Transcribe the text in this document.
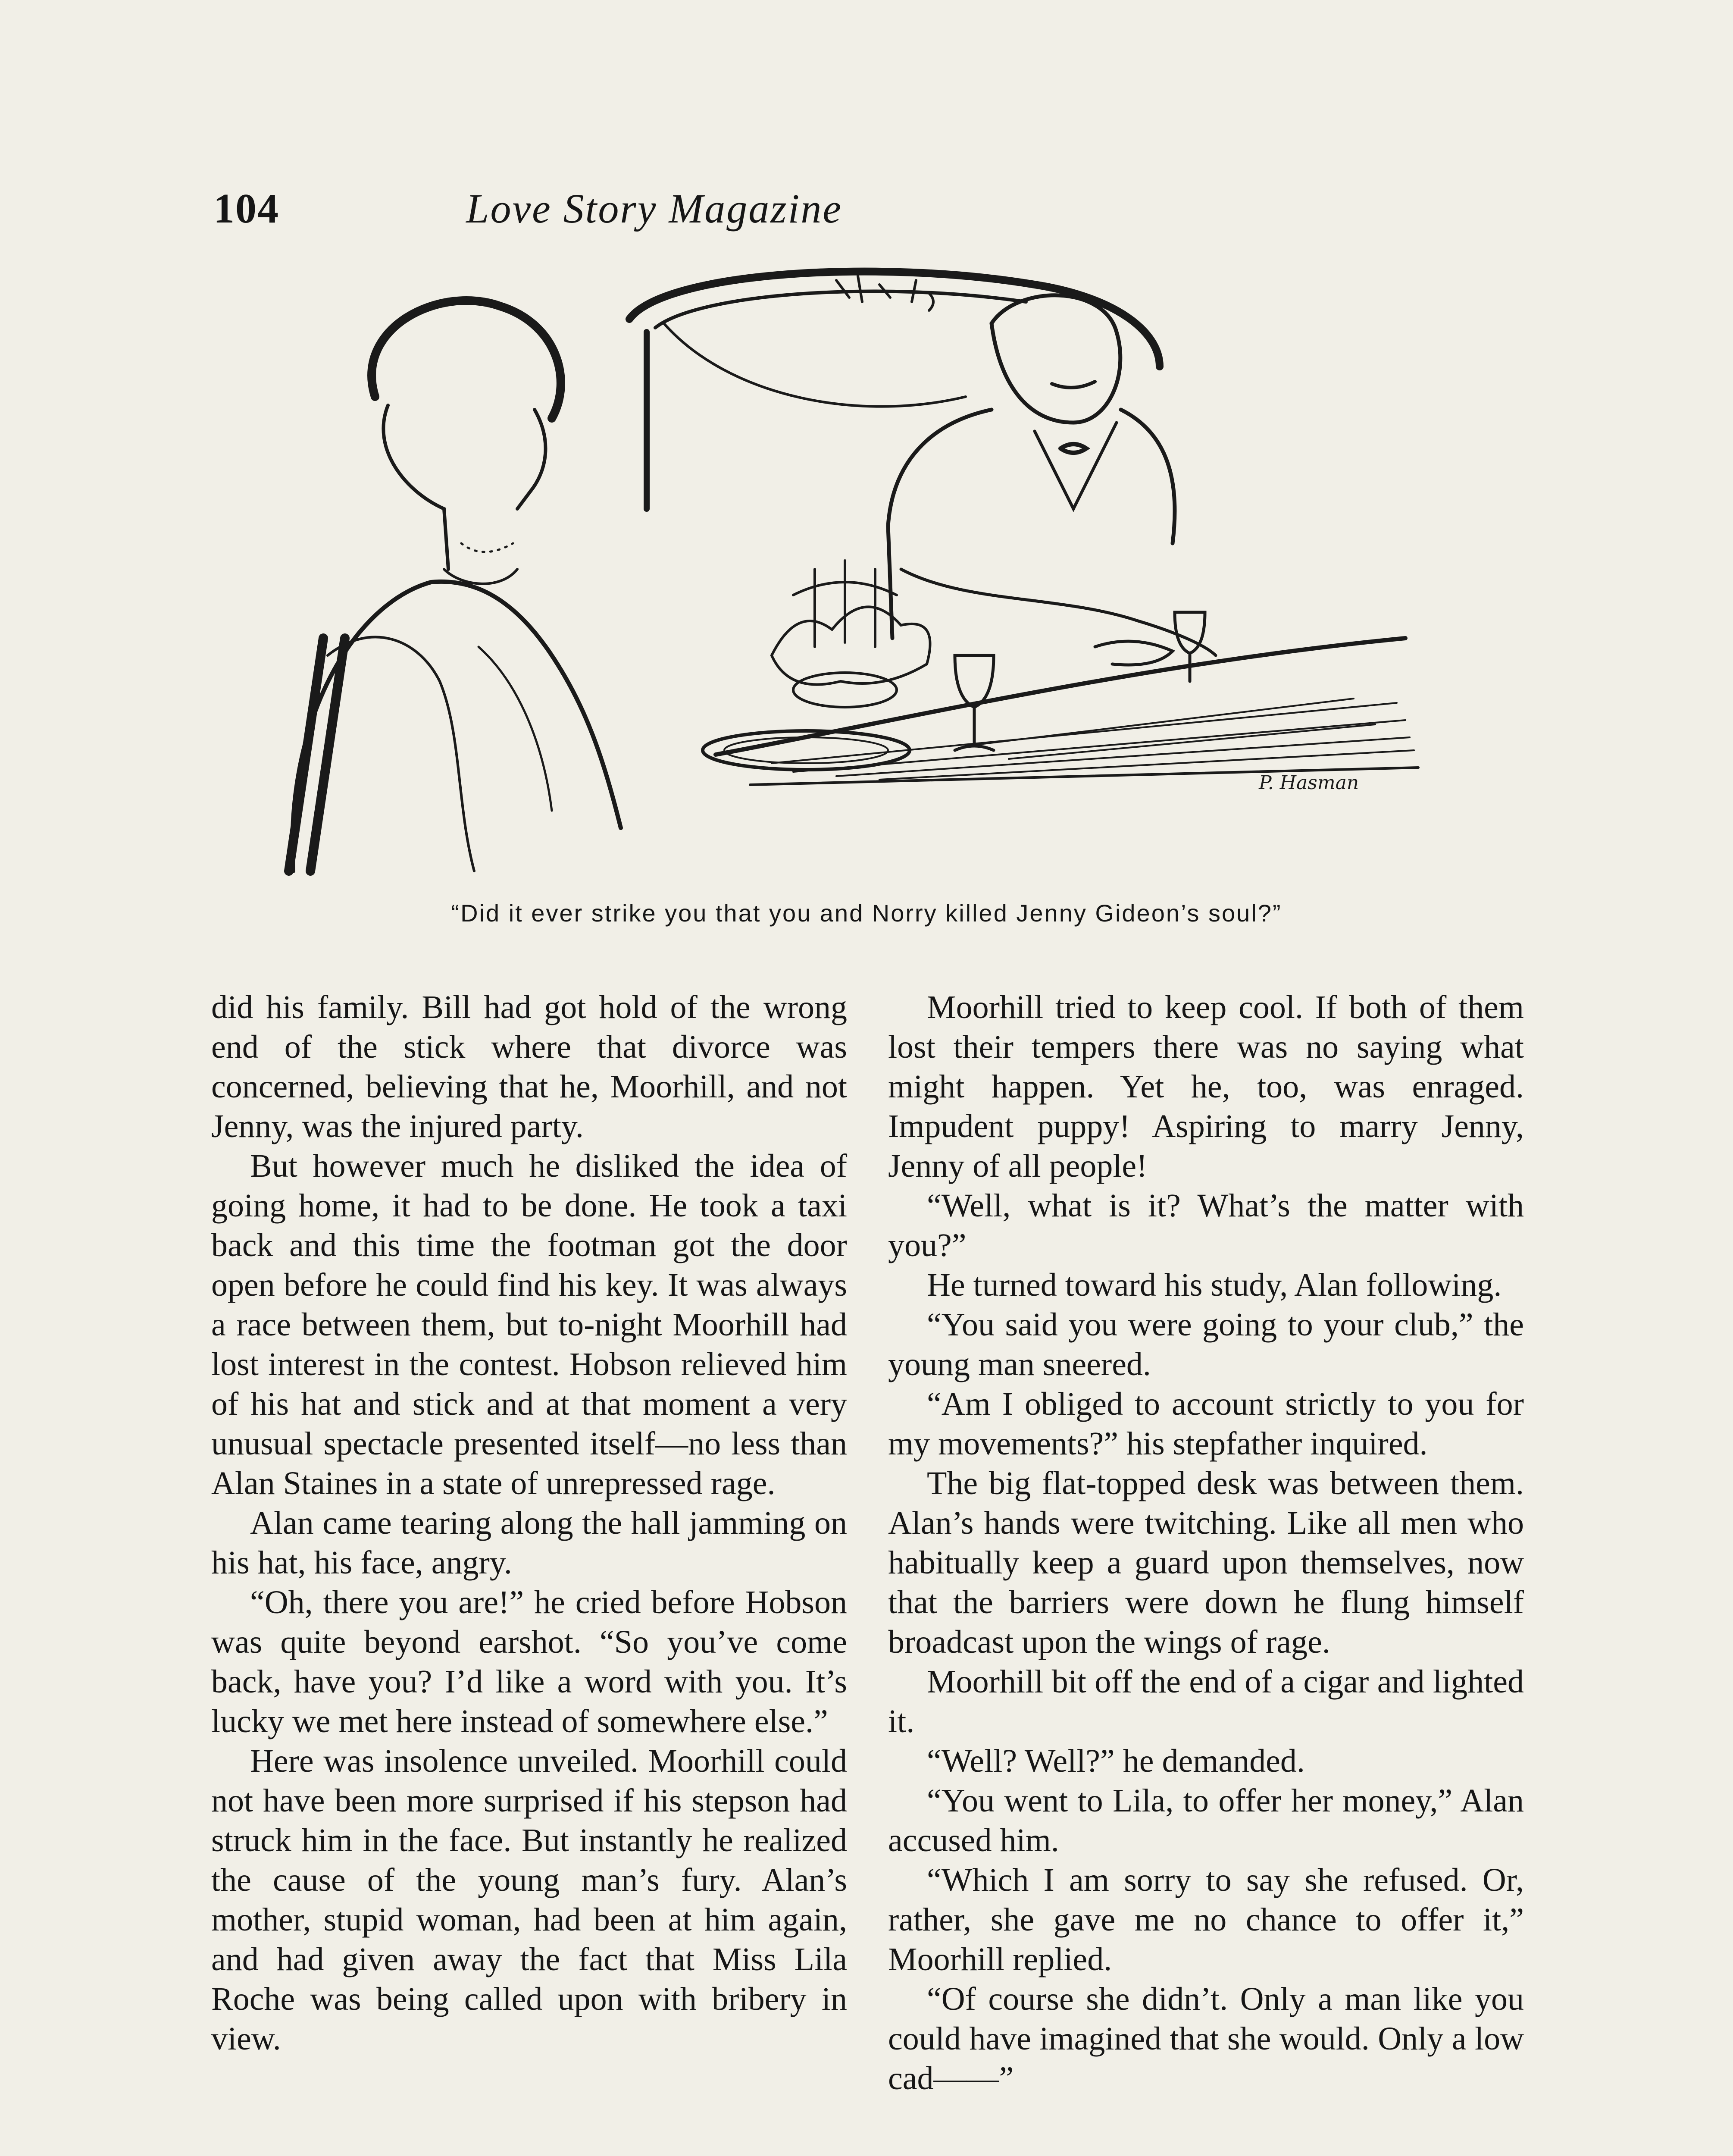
104	Love Story Magazine
P. Hasman
“Did it ever strike you that you and Norry killed Jenny Gideon’s soul?”

did his family. Bill had got hold of the wrong end of the stick where that divorce was concerned, believing that he, Moorhill, and not Jenny, was the injured party.

But however much he disliked the idea of going home, it had to be done. He took a taxi back and this time the footman got the door open before he could find his key. It was always a race between them, but to-night Moorhill had lost interest in the contest. Hobson relieved him of his hat and stick and at that moment a very unusual spectacle presented itself—no less than Alan Staines in a state of unrepressed rage.

Alan came tearing along the hall jamming on his hat, his face, angry.

“Oh, there you are!” he cried before Hobson was quite beyond earshot. “So you’ve come back, have you? I’d like a word with you. It’s lucky we met here instead of somewhere else.”

Here was insolence unveiled. Moorhill could not have been more surprised if his stepson had struck him in the face. But instantly he realized the cause of the young man’s fury. Alan’s mother, stupid woman, had been at him again, and had given away the fact that Miss Lila Roche was being called upon with bribery in view.

Moorhill tried to keep cool. If both of them lost their tempers there was no saying what might happen. Yet he, too, was enraged. Impudent puppy! Aspiring to marry Jenny, Jenny of all people!

“Well, what is it? What’s the matter with you?”

He turned toward his study, Alan following.

“You said you were going to your club,” the young man sneered.

“Am I obliged to account strictly to you for my movements?” his stepfather inquired.

The big flat-topped desk was between them. Alan’s hands were twitching. Like all men who habitually keep a guard upon themselves, now that the barriers were down he flung himself broadcast upon the wings of rage.

Moorhill bit off the end of a cigar and lighted it.

“Well? Well?” he demanded.

“You went to Lila, to offer her money,” Alan accused him.

“Which I am sorry to say she refused. Or, rather, she gave me no chance to offer it,” Moorhill replied.

“Of course she didn’t. Only a man like you could have imagined that she would. Only a low cad——”
